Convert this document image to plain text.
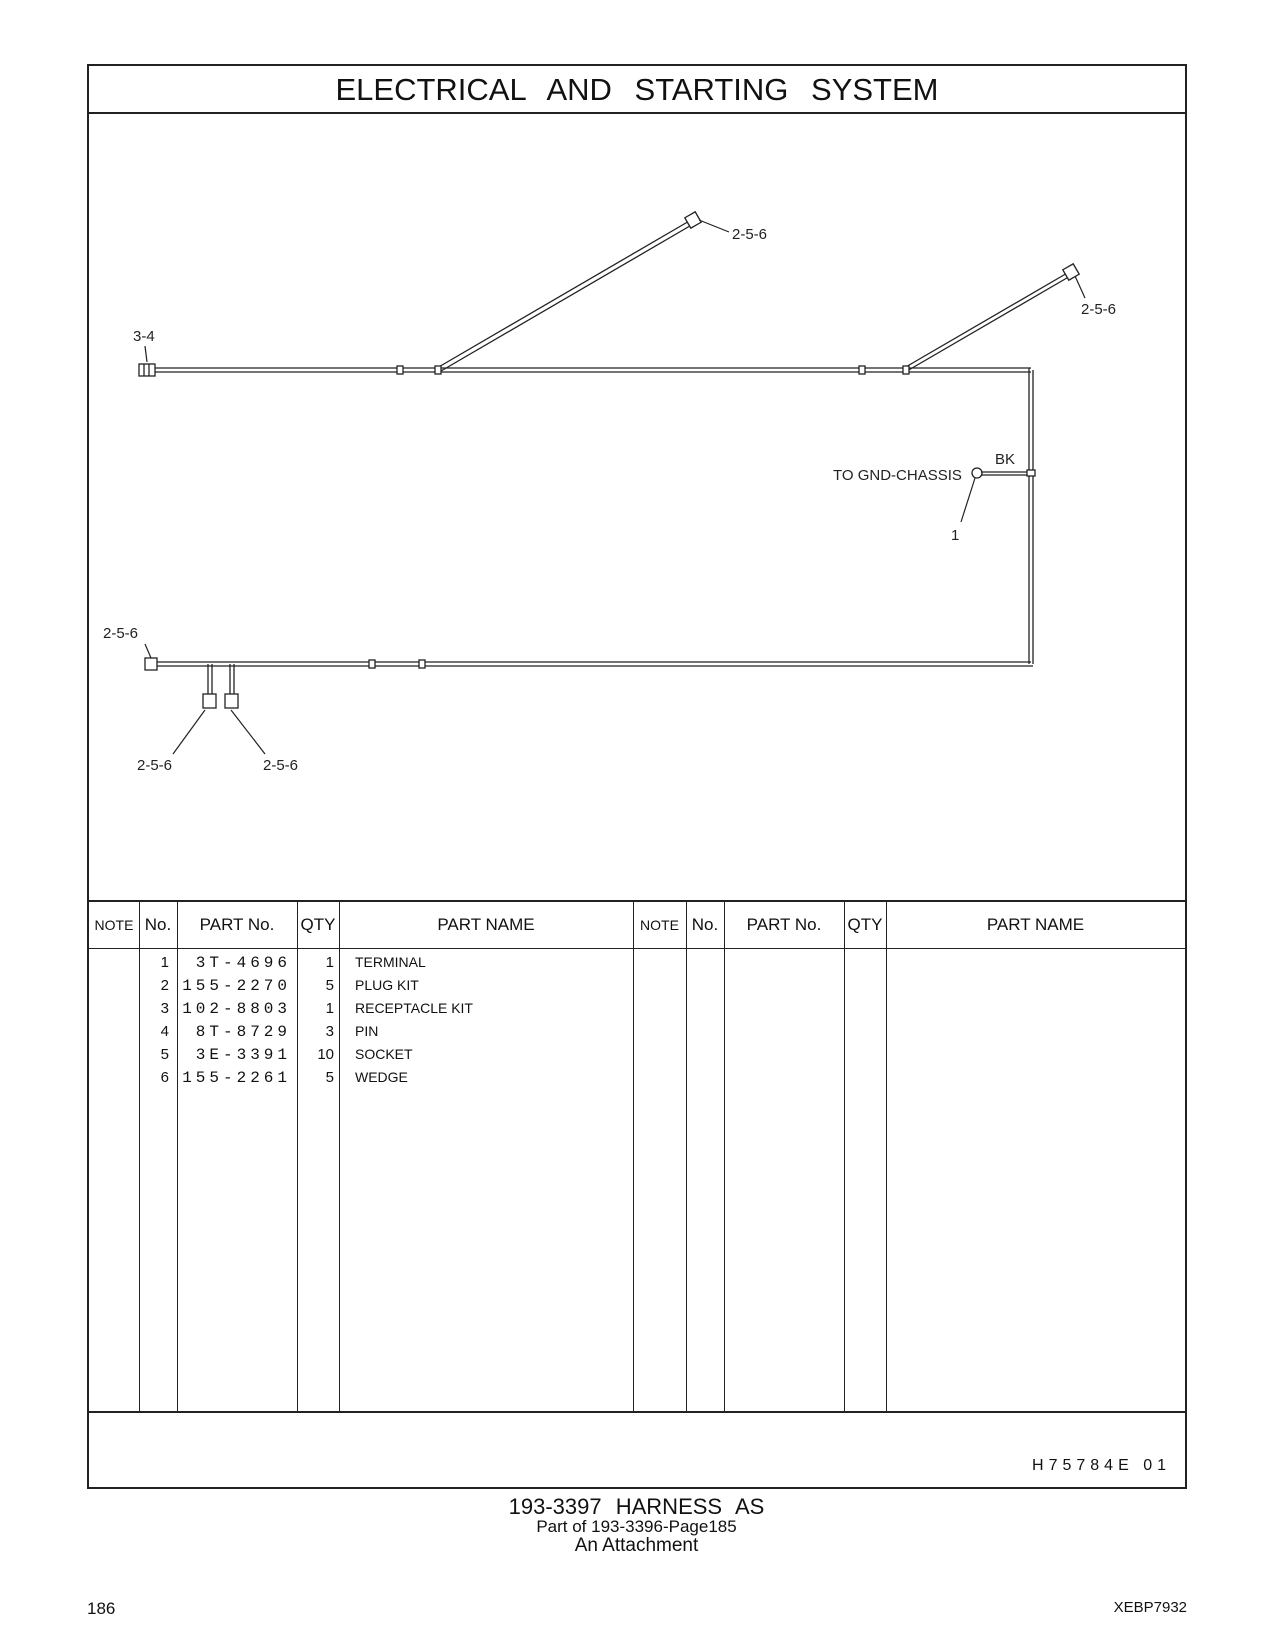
ELECTRICAL AND STARTING SYSTEM
2-5-6
2-5-6
3-4
2-5-6
2-5-6	2-5-6
TO GND-CHASSIS
BK
1
NOTE No.	PART No.	QTY	PART NAME	NOTE No.	PART No.	QTY	PART NAME
1	3T-4696	1 TERMINAL
2 155-2270	5 PLUG KIT
3 102-8803	1 RECEPTACLE KIT
4	8T-8729	3 PIN
5	3E-3391	10 SOCKET
6 155-2261	5 WEDGE
H75784E 01
193-3397 HARNESS AS
Part of 193-3396-Page185
An Attachment
186	XEBP7932
